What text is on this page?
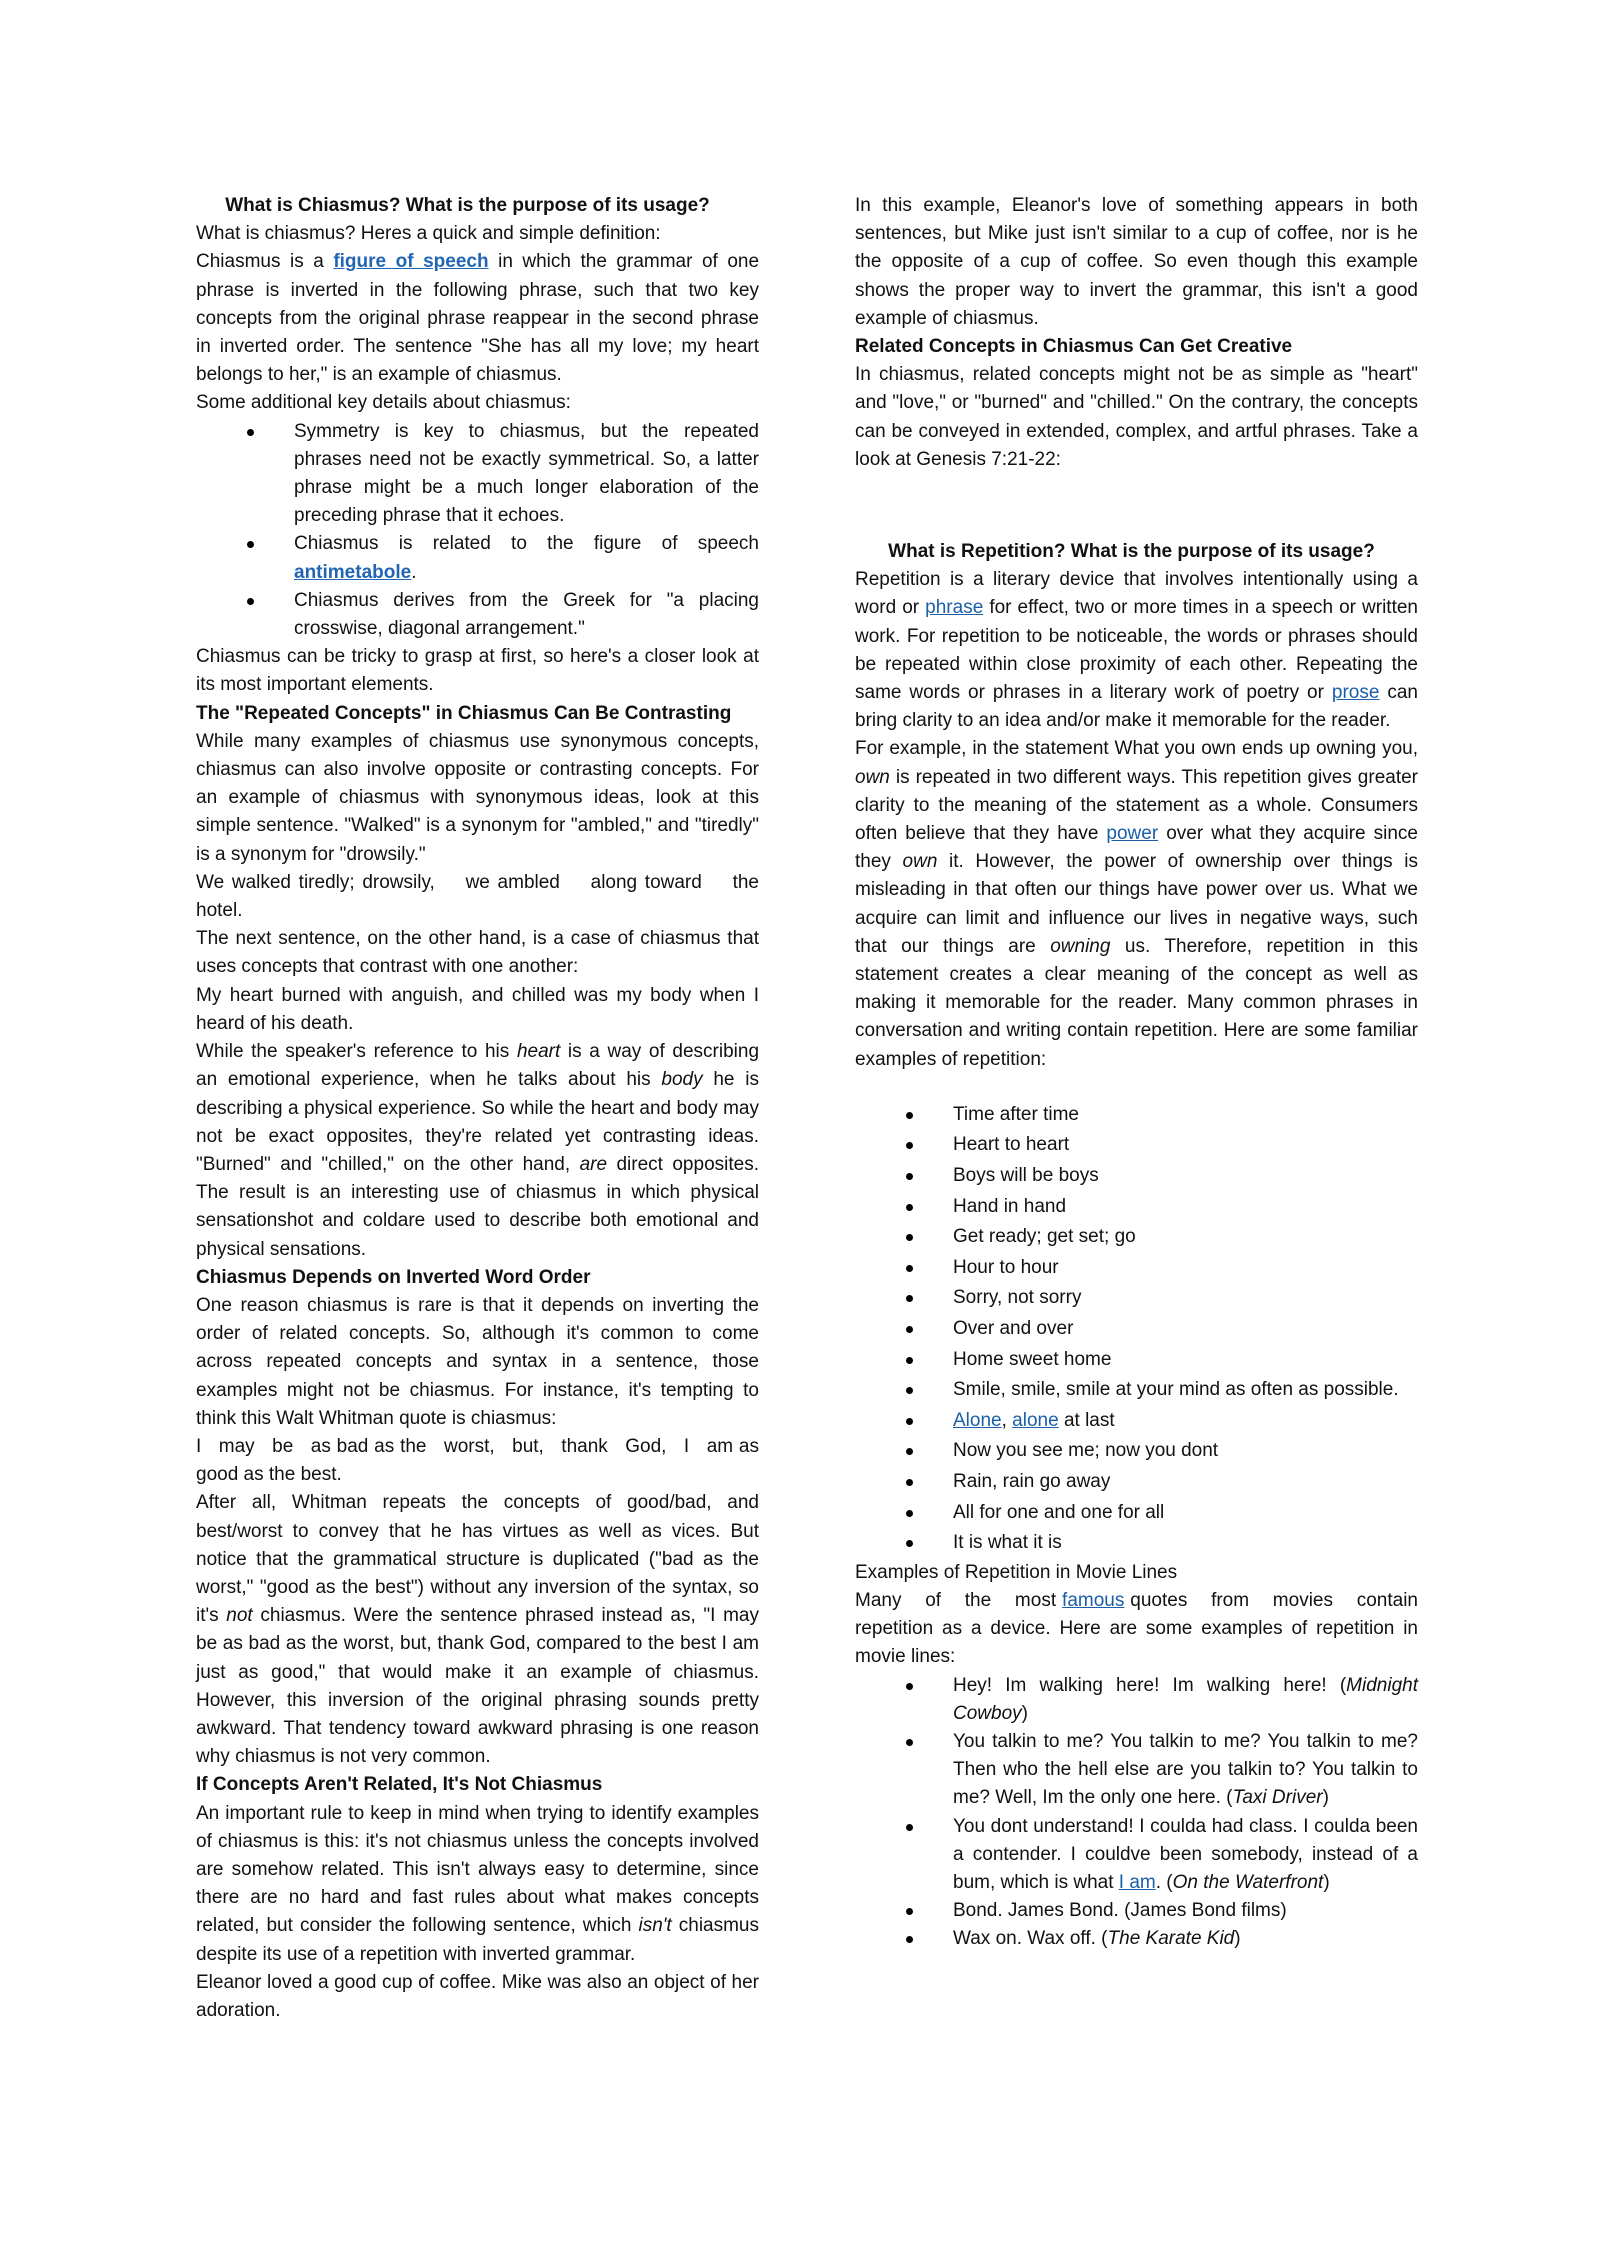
What is Chiasmus? What is the purpose of its usage?

What is chiasmus? Heres a quick and simple definition:

Chiasmus is a figure of speech in which the grammar of one phrase is inverted in the following phrase, such that two key concepts from the original phrase reappear in the second phrase in inverted order. The sentence "She has all my love; my heart belongs to her," is an example of chiasmus.

Some additional key details about chiasmus:

Symmetry is key to chiasmus, but the repeated phrases need not be exactly symmetrical. So, a latter phrase might be a much longer elaboration of the preceding phrase that it echoes.
Chiasmus is related to the figure of speech antimetabole.
Chiasmus derives from the Greek for "a placing crosswise, diagonal arrangement."

Chiasmus can be tricky to grasp at first, so here's a closer look at its most important elements.

The "Repeated Concepts" in Chiasmus Can Be Contrasting

While many examples of chiasmus use synonymous concepts, chiasmus can also involve opposite or contrasting concepts. For an example of chiasmus with synonymous ideas, look at this simple sentence. "Walked" is a synonym for "ambled," and "tiredly" is a synonym for "drowsily."

We walked tiredly; drowsily,    we ambled    along toward    the hotel.

The next sentence, on the other hand, is a case of chiasmus that uses concepts that contrast with one another:

My heart burned with anguish, and chilled was my body when I heard of his death.

While the speaker's reference to his heart is a way of describing an emotional experience, when he talks about his body he is describing a physical experience. So while the heart and body may not be exact opposites, they're related yet contrasting ideas. "Burned" and "chilled," on the other hand, are direct opposites. The result is an interesting use of chiasmus in which physical sensationshot and coldare used to describe both emotional and physical sensations.

Chiasmus Depends on Inverted Word Order

One reason chiasmus is rare is that it depends on inverting the order of related concepts. So, although it's common to come across repeated concepts and syntax in a sentence, those examples might not be chiasmus. For instance, it's tempting to think this Walt Whitman quote is chiasmus:

I   may   be   as bad as the   worst,   but,   thank   God,   I   am as good as the best.

After all, Whitman repeats the concepts of good/bad, and best/worst to convey that he has virtues as well as vices. But notice that the grammatical structure is duplicated ("bad as the worst," "good as the best") without any inversion of the syntax, so it's not chiasmus. Were the sentence phrased instead as, "I may be as bad as the worst, but, thank God, compared to the best I am just as good," that would make it an example of chiasmus. However, this inversion of the original phrasing sounds pretty awkward. That tendency toward awkward phrasing is one reason why chiasmus is not very common.

If Concepts Aren't Related, It's Not Chiasmus

An important rule to keep in mind when trying to identify examples of chiasmus is this: it's not chiasmus unless the concepts involved are somehow related. This isn't always easy to determine, since there are no hard and fast rules about what makes concepts related, but consider the following sentence, which isn't chiasmus despite its use of a repetition with inverted grammar.

Eleanor loved a good cup of coffee. Mike was also an object of her adoration.

In this example, Eleanor's love of something appears in both sentences, but Mike just isn't similar to a cup of coffee, nor is he the opposite of a cup of coffee. So even though this example shows the proper way to invert the grammar, this isn't a good example of chiasmus.

Related Concepts in Chiasmus Can Get Creative

In chiasmus, related concepts might not be as simple as "heart" and "love," or "burned" and "chilled." On the contrary, the concepts can be conveyed in extended, complex, and artful phrases. Take a look at Genesis 7:21-22:

What is Repetition? What is the purpose of its usage?

Repetition is a literary device that involves intentionally using a word or phrase for effect, two or more times in a speech or written work. For repetition to be noticeable, the words or phrases should be repeated within close proximity of each other. Repeating the same words or phrases in a literary work of poetry or prose can bring clarity to an idea and/or make it memorable for the reader.

For example, in the statement What you own ends up owning you, own is repeated in two different ways. This repetition gives greater clarity to the meaning of the statement as a whole. Consumers often believe that they have power over what they acquire since they own it. However, the power of ownership over things is misleading in that often our things have power over us. What we acquire can limit and influence our lives in negative ways, such that our things are owning us. Therefore, repetition in this statement creates a clear meaning of the concept as well as making it memorable for the reader. Many common phrases in conversation and writing contain repetition. Here are some familiar examples of repetition:

Time after time
Heart to heart
Boys will be boys
Hand in hand
Get ready; get set; go
Hour to hour
Sorry, not sorry
Over and over
Home sweet home
Smile, smile, smile at your mind as often as possible.
Alone, alone at last
Now you see me; now you dont
Rain, rain go away
All for one and one for all
It is what it is

Examples of Repetition in Movie Lines

Many    of    the    most famous quotes    from    movies    contain repetition as a device. Here are some examples of repetition in movie lines:

Hey! Im walking here! Im walking here! (Midnight Cowboy)
You talkin to me? You talkin to me? You talkin to me? Then who the hell else are you talkin to? You talkin to me? Well, Im the only one here. (Taxi Driver)
You dont understand! I coulda had class. I coulda been a contender. I couldve been somebody, instead of a bum, which is what I am. (On the Waterfront)
Bond. James Bond. (James Bond films)
Wax on. Wax off. (The Karate Kid)
